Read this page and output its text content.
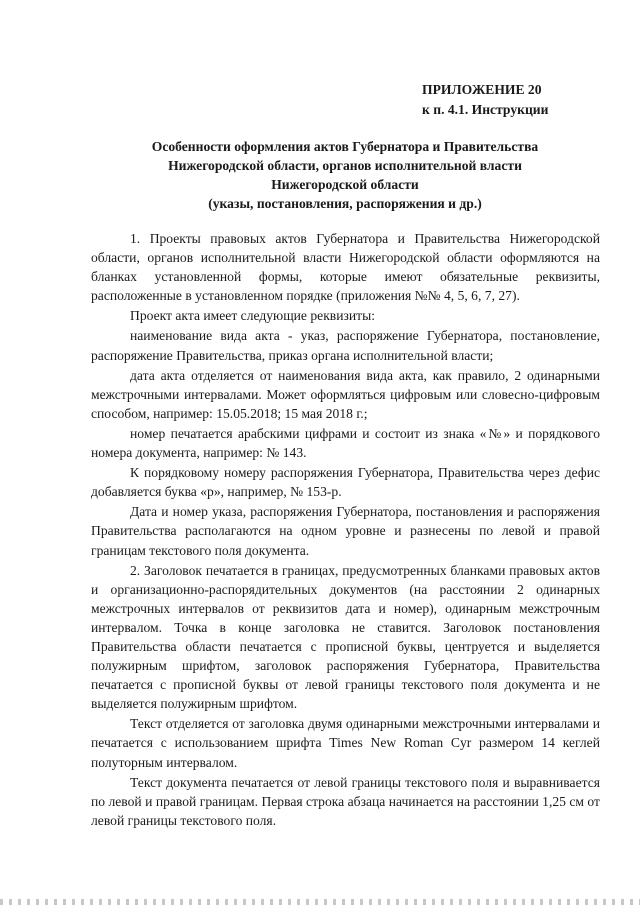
ПРИЛОЖЕНИЕ 20
к п. 4.1. Инструкции
Особенности оформления актов Губернатора и Правительства
Нижегородской области, органов исполнительной власти
Нижегородской области
(указы, постановления, распоряжения и др.)

1. Проекты правовых актов Губернатора и Правительства Нижегородской области, органов исполнительной власти Нижегородской области оформляются на бланках установленной формы, которые имеют обязательные реквизиты, расположенные в установленном порядке (приложения №№ 4, 5, 6, 7, 27).

Проект акта имеет следующие реквизиты:

наименование вида акта - указ, распоряжение Губернатора, постановление, распоряжение Правительства, приказ органа исполнительной власти;

дата акта отделяется от наименования вида акта, как правило, 2 одинарными межстрочными интервалами. Может оформляться цифровым или словесно-цифровым способом, например: 15.05.2018; 15 мая 2018 г.;

номер печатается арабскими цифрами и состоит из знака «№» и порядкового номера документа, например: № 143.

К порядковому номеру распоряжения Губернатора, Правительства через дефис добавляется буква «р», например, № 153-р.

Дата и номер указа, распоряжения Губернатора, постановления и распоряжения Правительства располагаются на одном уровне и разнесены по левой и правой границам текстового поля документа.

2. Заголовок печатается в границах, предусмотренных бланками правовых актов и организационно-распорядительных документов (на расстоянии 2 одинарных межстрочных интервалов от реквизитов дата и номер), одинарным межстрочным интервалом. Точка в конце заголовка не ставится. Заголовок постановления Правительства области печатается с прописной буквы, центруется и выделяется полужирным шрифтом, заголовок распоряжения Губернатора, Правительства печатается с прописной буквы от левой границы текстового поля документа и не выделяется полужирным шрифтом.

Текст отделяется от заголовка двумя одинарными межстрочными интервалами и печатается с использованием шрифта Times New Roman Cyr размером 14 кеглей полуторным интервалом.

Текст документа печатается от левой границы текстового поля и выравнивается по левой и правой границам. Первая строка абзаца начинается на расстоянии 1,25 см от левой границы текстового поля.
